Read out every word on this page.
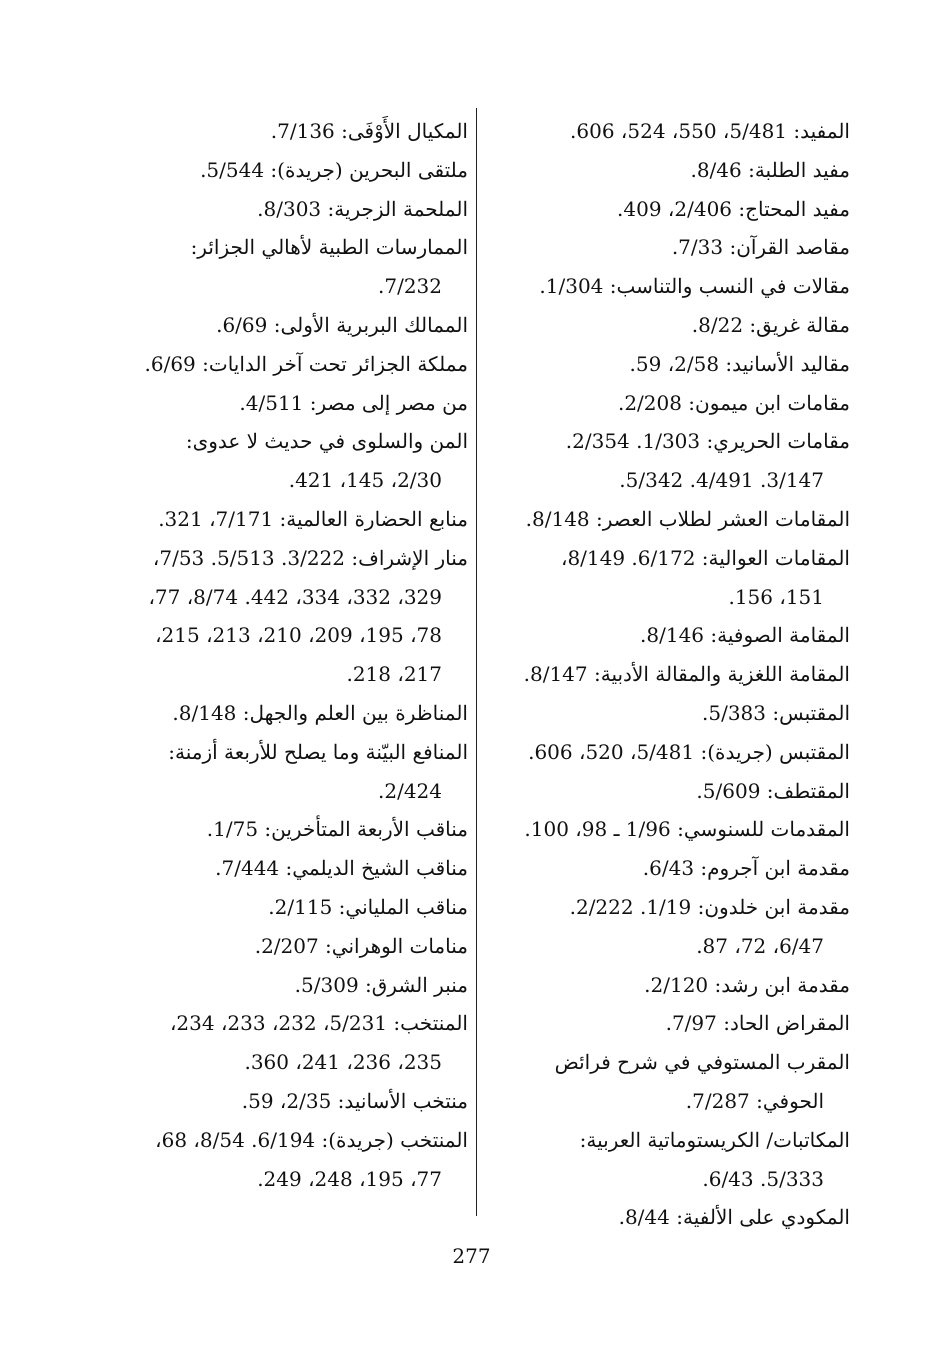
المفيد: 5/481، 550، 524، 606.
مفيد الطلبة: 8/46.
مفيد المحتاج: 2/406، 409.
مقاصد القرآن: 7/33.
مقالات في النسب والتناسب: 1/304.
مقالة غريق: 8/22.
مقاليد الأسانيد: 2/58، 59.
مقامات ابن ميمون: 2/208.
مقامات الحريري: 1/303. 2/354.
3/147. 4/491. 5/342.
المقامات العشر لطلاب العصر: 8/148.
المقامات العوالية: 6/172. 8/149،
151، 156.
المقامة الصوفية: 8/146.
المقامة اللغزية والمقالة الأدبية: 8/147.
المقتبس: 5/383.
المقتبس (جريدة): 5/481، 520، 606.
المقتطف: 5/609.
المقدمات للسنوسي: 1/96 ـ 98، 100.
مقدمة ابن آجروم: 6/43.
مقدمة ابن خلدون: 1/19. 2/222.
6/47، 72، 87.
مقدمة ابن رشد: 2/120.
المقراض الحاد: 7/97.
المقرب المستوفي في شرح فرائض
الحوفي: 7/287.
المكاتبات/ الكريستوماتية العربية:
5/333. 6/43.
المكودي على الألفية: 8/44.
المكيال الأَوْفَى: 7/136.
ملتقى البحرين (جريدة): 5/544.
الملحمة الزجرية: 8/303.
الممارسات الطبية لأهالي الجزائر:
7/232.
الممالك البربرية الأولى: 6/69.
مملكة الجزائر تحت آخر الدايات: 6/69.
من مصر إلى مصر: 4/511.
المن والسلوى في حديث لا عدوى:
2/30، 145، 421.
منابع الحضارة العالمية: 7/171، 321.
منار الإشراف: 3/222. 5/513. 7/53،
329، 332، 334، 442. 8/74، 77،
78، 195، 209، 210، 213، 215،
217، 218.
المناظرة بين العلم والجهل: 8/148.
المنافع البيّنة وما يصلح للأربعة أزمنة:
2/424.
مناقب الأربعة المتأخرين: 1/75.
مناقب الشيخ الديلمي: 7/444.
مناقب الملياني: 2/115.
منامات الوهراني: 2/207.
منبر الشرق: 5/309.
المنتخب: 5/231، 232، 233، 234،
235، 236، 241، 360.
منتخب الأسانيد: 2/35، 59.
المنتخب (جريدة): 6/194. 8/54، 68،
77، 195، 248، 249.
277
